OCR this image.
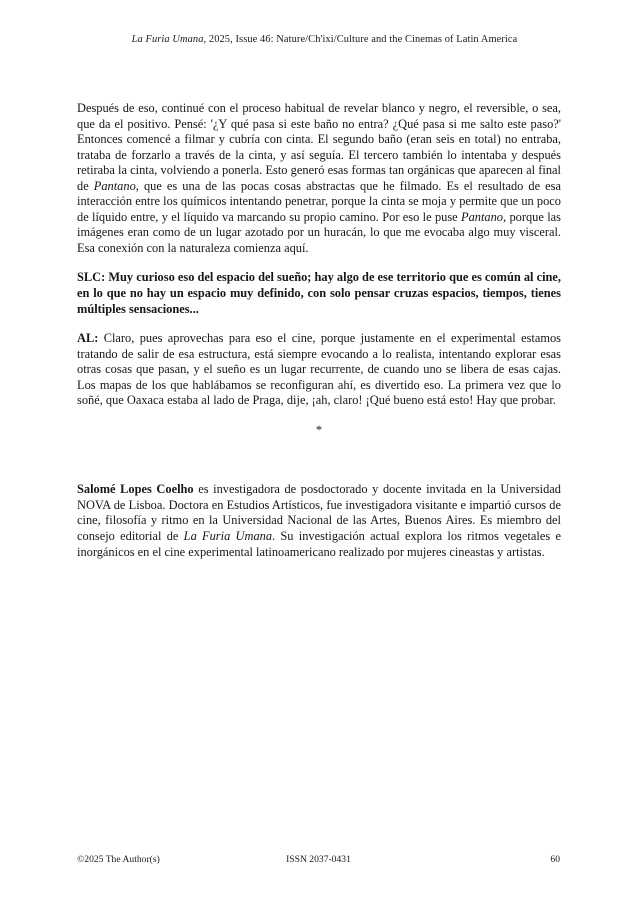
La Furia Umana, 2025, Issue 46: Nature/Ch'ixi/Culture and the Cinemas of Latin America

Después de eso, continué con el proceso habitual de revelar blanco y negro, el reversible, o sea, que da el positivo. Pensé: '¿Y qué pasa si este baño no entra? ¿Qué pasa si me salto este paso?' Entonces comencé a filmar y cubría con cinta. El segundo baño (eran seis en total) no entraba, trataba de forzarlo a través de la cinta, y así seguía. El tercero también lo intentaba y después retiraba la cinta, volviendo a ponerla. Esto generó esas formas tan orgánicas que aparecen al final de Pantano, que es una de las pocas cosas abstractas que he filmado. Es el resultado de esa interacción entre los químicos intentando penetrar, porque la cinta se moja y permite que un poco de líquido entre, y el líquido va marcando su propio camino. Por eso le puse Pantano, porque las imágenes eran como de un lugar azotado por un huracán, lo que me evocaba algo muy visceral. Esa conexión con la naturaleza comienza aquí.

SLC: Muy curioso eso del espacio del sueño; hay algo de ese territorio que es común al cine, en lo que no hay un espacio muy definido, con solo pensar cruzas espacios, tiempos, tienes múltiples sensaciones...

AL: Claro, pues aprovechas para eso el cine, porque justamente en el experimental estamos tratando de salir de esa estructura, está siempre evocando a lo realista, intentando explorar esas otras cosas que pasan, y el sueño es un lugar recurrente, de cuando uno se libera de esas cajas. Los mapas de los que hablábamos se reconfiguran ahí, es divertido eso. La primera vez que lo soñé, que Oaxaca estaba al lado de Praga, dije, ¡ah, claro! ¡Qué bueno está esto! Hay que probar.

*

Salomé Lopes Coelho es investigadora de posdoctorado y docente invitada en la Universidad NOVA de Lisboa. Doctora en Estudios Artísticos, fue investigadora visitante e impartió cursos de cine, filosofía y ritmo en la Universidad Nacional de las Artes, Buenos Aires. Es miembro del consejo editorial de La Furia Umana. Su investigación actual explora los ritmos vegetales e inorgánicos en el cine experimental latinoamericano realizado por mujeres cineastas y artistas.

©2025 The Author(s)	ISSN 2037-0431	60
